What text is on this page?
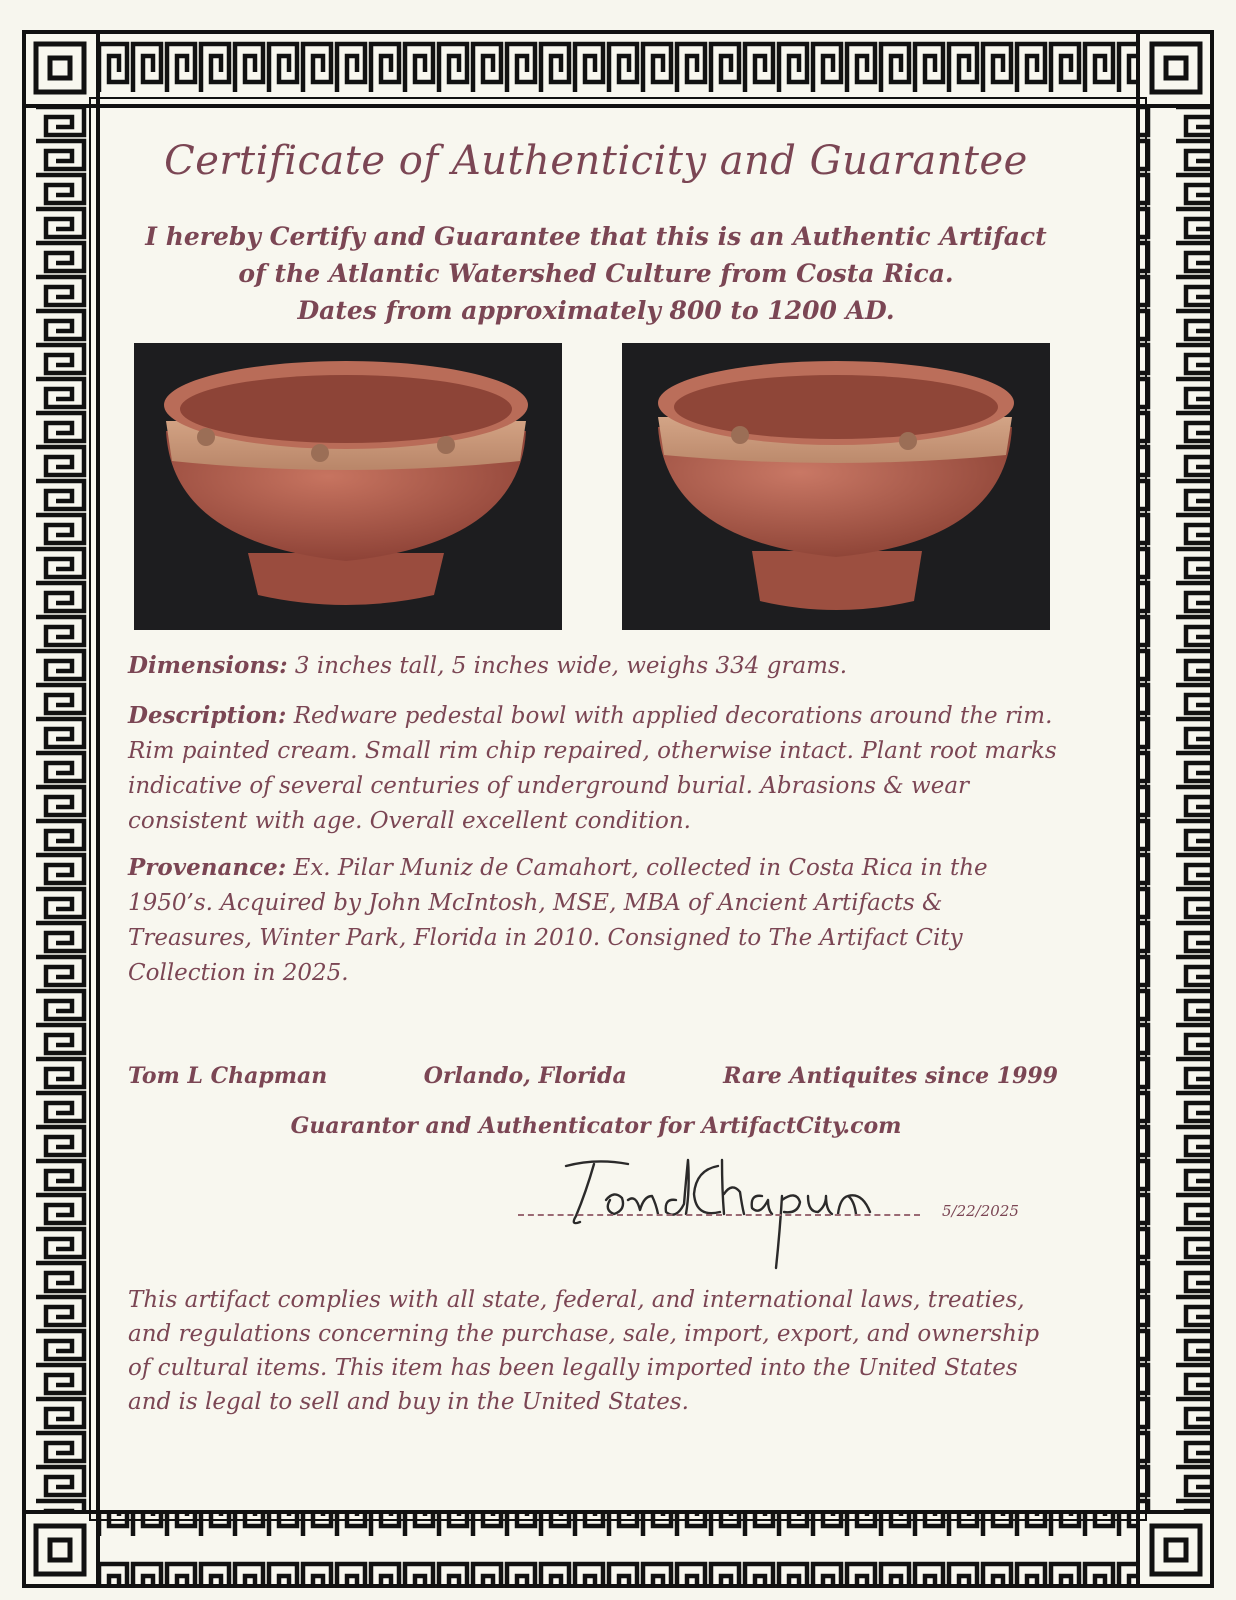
Certificate of Authenticity and Guarantee
I hereby Certify and Guarantee that this is an Authentic Artifact
of the Atlantic Watershed Culture from Costa Rica.
Dates from approximately 800 to 1200 AD.
Dimensions: 3 inches tall, 5 inches wide, weighs 334 grams.
Description: Redware pedestal bowl with applied decorations around the rim. Rim painted cream. Small rim chip repaired, otherwise intact. Plant root marks indicative of several centuries of underground burial. Abrasions & wear consistent with age. Overall excellent condition.
Provenance: Ex. Pilar Muniz de Camahort, collected in Costa Rica in the 1950’s. Acquired by John McIntosh, MSE, MBA of Ancient Artifacts & Treasures, Winter Park, Florida in 2010. Consigned to The Artifact City Collection in 2025.
Tom L Chapman	Orlando, Florida	Rare Antiquites since 1999
Guarantor and Authenticator for ArtifactCity.com
5/22/2025
This artifact complies with all state, federal, and international laws, treaties, and regulations concerning the purchase, sale, import, export, and ownership of cultural items. This item has been legally imported into the United States and is legal to sell and buy in the United States.
